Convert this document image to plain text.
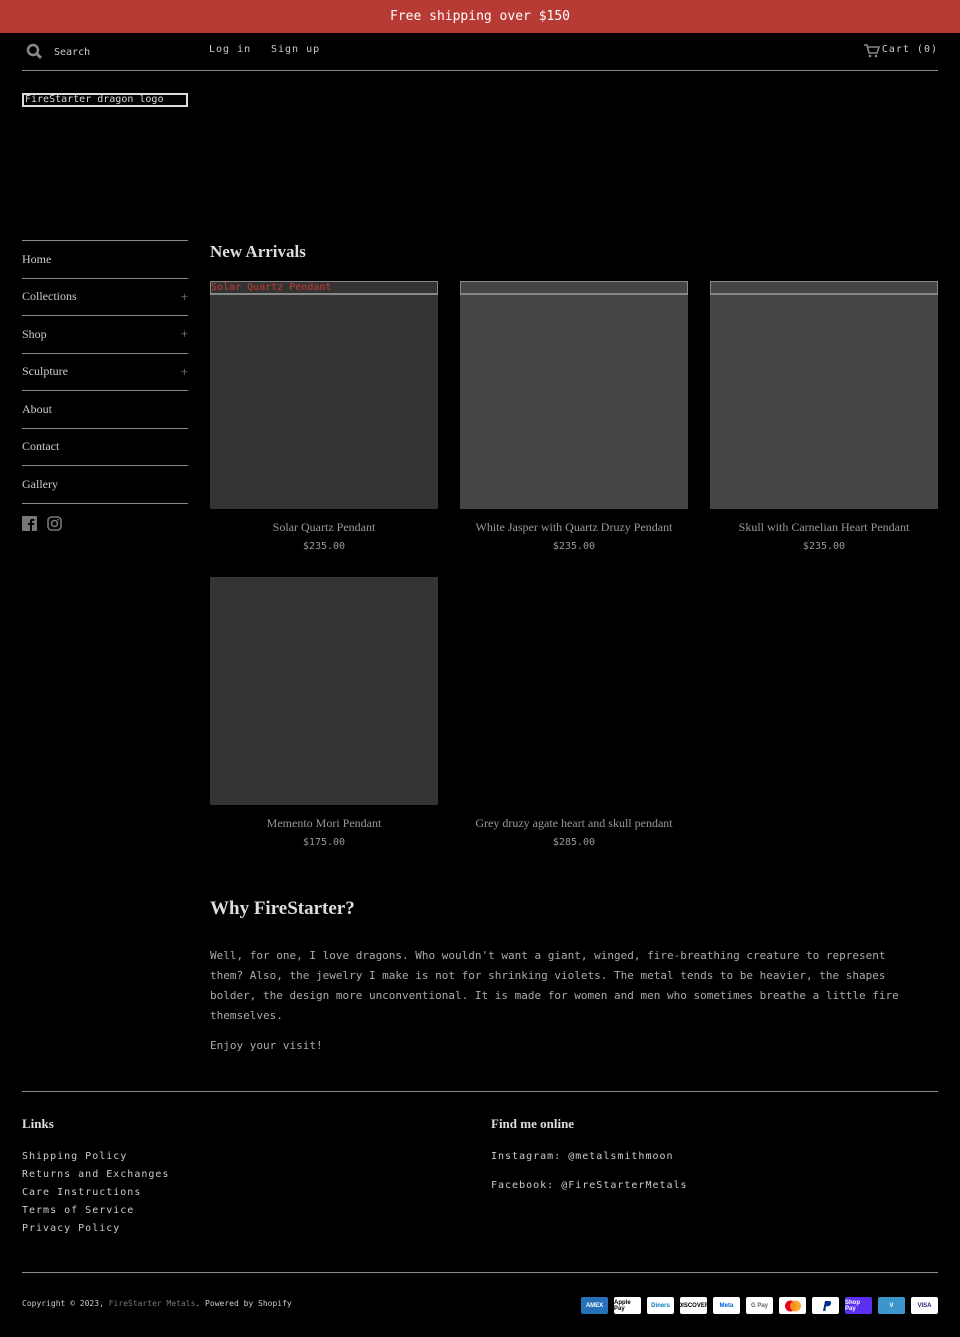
Free shipping over $150
Search
Log in Sign up	Cart (0)
FireStarter dragon logo
Home
Collections	+
Shop	+
Sculpture	+
About
Contact
Gallery
New Arrivals
Solar Quartz Pendant
Solar Quartz Pendant
$235.00
White Jasper with Quartz Druzy Pendant
$235.00
Skull with Carnelian Heart Pendant
$235.00
Memento Mori Pendant
$175.00
Grey druzy agate heart and skull pendant
$285.00
Why FireStarter?

Well, for one, I love dragons. Who wouldn't want a giant, winged, fire-breathing creature to represent them? Also, the jewelry I make is not for shrinking violets. The metal tends to be heavier, the shapes bolder, the design more unconventional. It is made for women and men who sometimes breathe a little fire themselves.

Enjoy your visit!

Links
Shipping Policy
Returns and Exchanges
Care Instructions
Terms of Service
Privacy Policy
Find me online
Instagram: @metalsmithmoon
Facebook: @FireStarterMetals
Copyright © 2023, FireStarter Metals. Powered by Shopify	AMEX	Apple Pay	Diners	DISCOVER	Meta	G Pay	Shop Pay	V	VISA
